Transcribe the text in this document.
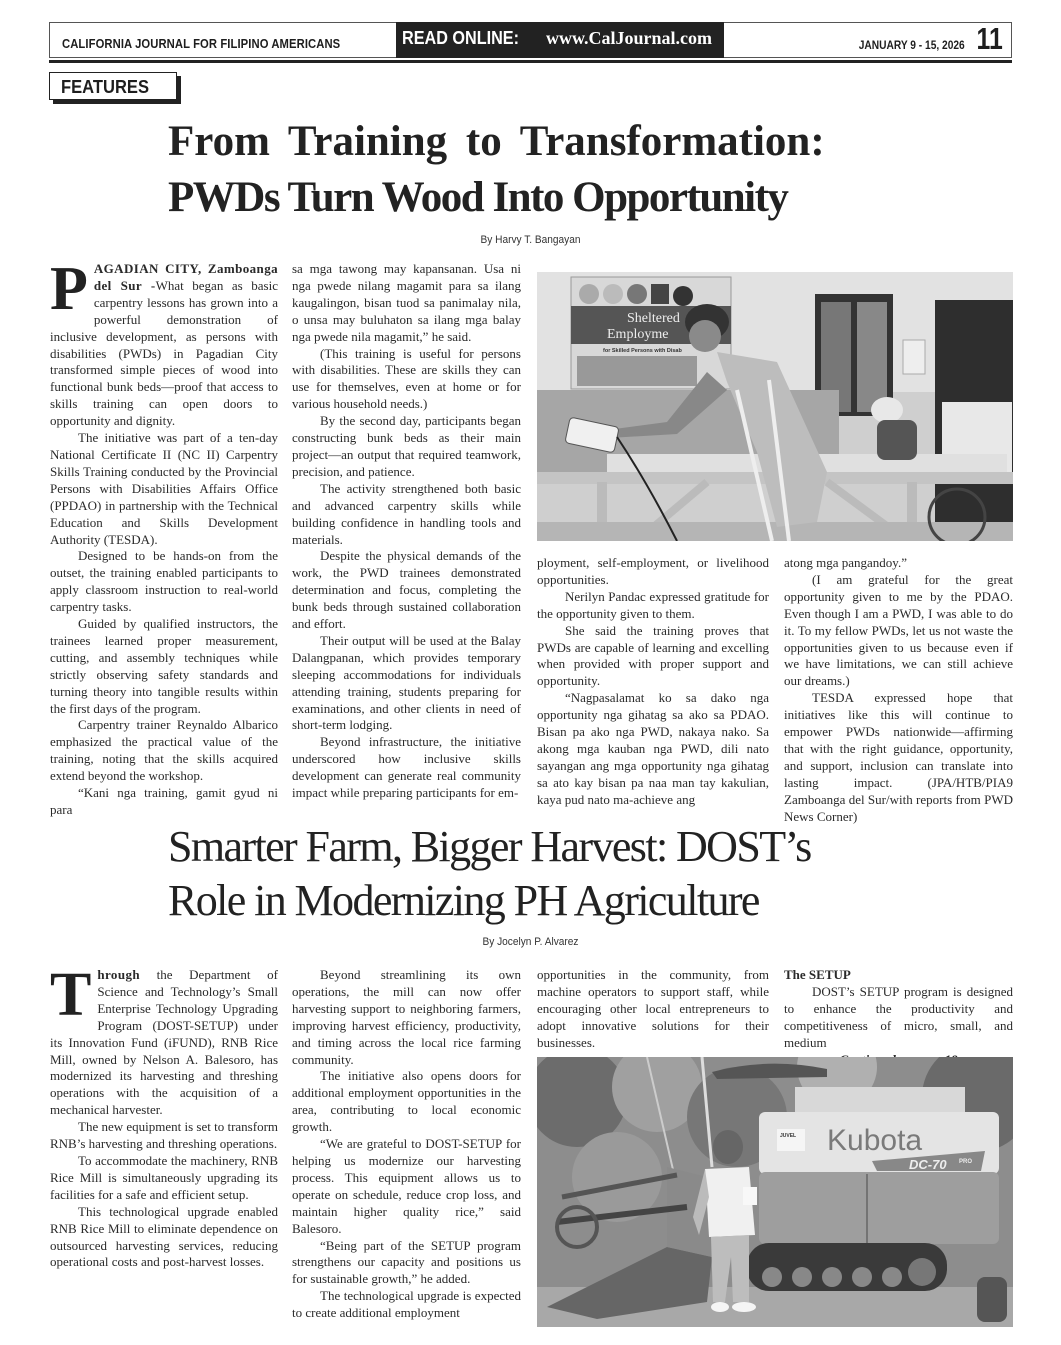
CALIFORNIA JOURNAL FOR FILIPINO AMERICANS	READ ONLINE: www.CalJournal.com	JANUARY 9 - 15, 2026 11
FEATURES
From Training to Transformation:
PWDs Turn Wood Into Opportunity
By Harvy T. Bangayan

PAGADIAN CITY, Zamboanga del Sur -What began as basic carpentry lessons has grown into a powerful demonstration of inclusive development, as persons with disabilities (PWDs) in Pagadian City transformed simple pieces of wood into functional bunk beds—proof that access to skills training can open doors to opportunity and dignity.

The initiative was part of a ten-day National Certificate II (NC II) Carpentry Skills Training conducted by the Provincial Persons with Disabilities Affairs Office (PPDAO) in partnership with the Technical Education and Skills Development Authority (TESDA).

Designed to be hands-on from the outset, the training enabled participants to apply classroom instruction to real-world carpentry tasks.

Guided by qualified instructors, the trainees learned proper measurement, cutting, and assembly techniques while strictly observing safety standards and turning theory into tangible results within the first days of the program.

Carpentry trainer Reynaldo Albarico emphasized the practical value of the training, noting that the skills acquired extend beyond the workshop.

“Kani nga training, gamit gyud ni para

sa mga tawong may kapansanan. Usa ni nga pwede nilang magamit para sa ilang kaugalingon, bisan tuod sa panimalay nila, o unsa may buluhaton sa ilang mga balay nga pwede nila magamit,” he said.

(This training is useful for persons with disabilities. These are skills they can use for themselves, even at home or for various household needs.)

By the second day, participants began constructing bunk beds as their main project—an output that required teamwork, precision, and patience.

The activity strengthened both basic and advanced carpentry skills while building confidence in handling tools and materials.

Despite the physical demands of the work, the PWD trainees demonstrated determination and focus, completing the bunk beds through sustained collaboration and effort.

Their output will be used at the Balay Dalangpanan, which provides temporary sleeping accommodations for individuals attending training, students preparing for examinations, and other clients in need of short-term lodging.

Beyond infrastructure, the initiative underscored how inclusive skills development can generate real community impact while preparing participants for em-

Sheltered
Employme
for Skilled Persons with Disab

ployment, self-employment, or livelihood opportunities.

Nerilyn Pandac expressed gratitude for the opportunity given to them.

She said the training proves that PWDs are capable of learning and excelling when provided with proper support and opportunity.

“Nagpasalamat ko sa dako nga opportunity nga gihatag sa ako sa PDAO. Bisan pa ako nga PWD, nakaya nako. Sa akong mga kauban nga PWD, dili nato sayangan ang mga opportunity nga gihatag sa ato kay bisan pa naa man tay kakulian, kaya pud nato ma-achieve ang

atong mga pangandoy.”

(I am grateful for the great opportunity given to me by the PDAO. Even though I am a PWD, I was able to do it. To my fellow PWDs, let us not waste the opportunities given to us because even if we have limitations, we can still achieve our dreams.)

TESDA expressed hope that initiatives like this will continue to empower PWDs nationwide—affirming that with the right guidance, opportunity, and support, inclusion can translate into lasting impact. (JPA/HTB/PIA9 Zamboanga del Sur/with reports from PWD News Corner)

Smarter Farm, Bigger Harvest: DOST’s
Role in Modernizing PH Agriculture
By Jocelyn P. Alvarez

Through the Department of Science and Technology’s Small Enterprise Technology Upgrading Program (DOST-SETUP) under its Innovation Fund (iFUND), RNB Rice Mill, owned by Nelson A. Balesoro, has modernized its harvesting and threshing operations with the acquisition of a mechanical harvester.

The new equipment is set to transform RNB’s harvesting and threshing operations.

To accommodate the machinery, RNB Rice Mill is simultaneously upgrading its facilities for a safe and efficient setup.

This technological upgrade enabled RNB Rice Mill to eliminate dependence on outsourced harvesting services, reducing operational costs and post-harvest losses.

Beyond streamlining its own operations, the mill can now offer harvesting support to neighboring farmers, improving harvest efficiency, productivity, and timing across the local rice farming community.

The initiative also opens doors for additional employment opportunities in the area, contributing to local economic growth.

“We are grateful to DOST-SETUP for helping us modernize our harvesting process. This equipment allows us to operate on schedule, reduce crop loss, and maintain higher quality rice,” said Balesoro.

“Being part of the SETUP program strengthens our capacity and positions us for sustainable growth,” he added.

The technological upgrade is expected to create additional employment

opportunities in the community, from machine operators to support staff, while encouraging other local entrepreneurs to adopt innovative solutions for their businesses.

The SETUP

DOST’s SETUP program is designed to enhance the productivity and competitiveness of micro, small, and medium

Kubota
DC-70 PRO
JUVEL
